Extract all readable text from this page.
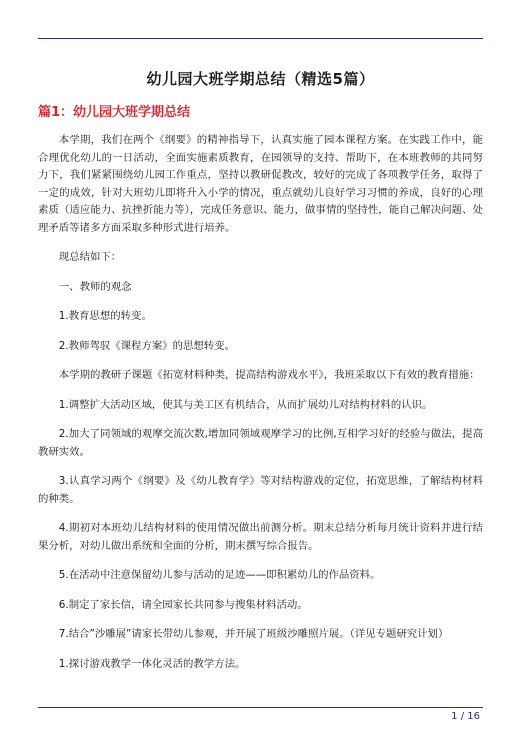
幼儿园大班学期总结（精选5篇）
篇1：幼儿园大班学期总结

本学期，我们在两个《纲要》的精神指导下，认真实施了园本课程方案。在实践工作中，能合理优化幼儿的一日活动，全面实施素质教育，在园领导的支持、帮助下，在本班教师的共同努力下，我们紧紧围绕幼儿园工作重点，坚持以教研促教改，较好的完成了各项教学任务，取得了一定的成效，针对大班幼儿即将升入小学的情况，重点就幼儿良好学习习惯的养成，良好的心理素质（适应能力、抗挫折能力等），完成任务意识、能力，做事情的坚持性，能自己解决问题、处理矛盾等诸多方面采取多种形式进行培养。

现总结如下：

一、教师的观念

1.教育思想的转变。

2.教师驾驭《课程方案》的思想转变。

本学期的教研子课题《拓宽材料种类，提高结构游戏水平》，我班采取以下有效的教育措施：

1.调整扩大活动区域，使其与美工区有机结合，从而扩展幼儿对结构材料的认识。

2.加大了同领域的观摩交流次数,增加同领域观摩学习的比例,互相学习好的经验与做法，提高教研实效。

3.认真学习两个《纲要》及《幼儿教育学》等对结构游戏的定位，拓宽思维，了解结构材料的种类。

4.期初对本班幼儿结构材料的使用情况做出前测分析。期末总结分析每月统计资料并进行结果分析，对幼儿做出系统和全面的分析，期末撰写综合报告。

5.在活动中注意保留幼儿参与活动的足迹——即积累幼儿的作品资料。

6.制定了家长信，请全园家长共同参与搜集材料活动。

7.结合”沙雕展”请家长带幼儿参观，并开展了班级沙雕照片展。（详见专题研究计划）

1.探讨游戏教学一体化灵活的教学方法。

1 / 16
